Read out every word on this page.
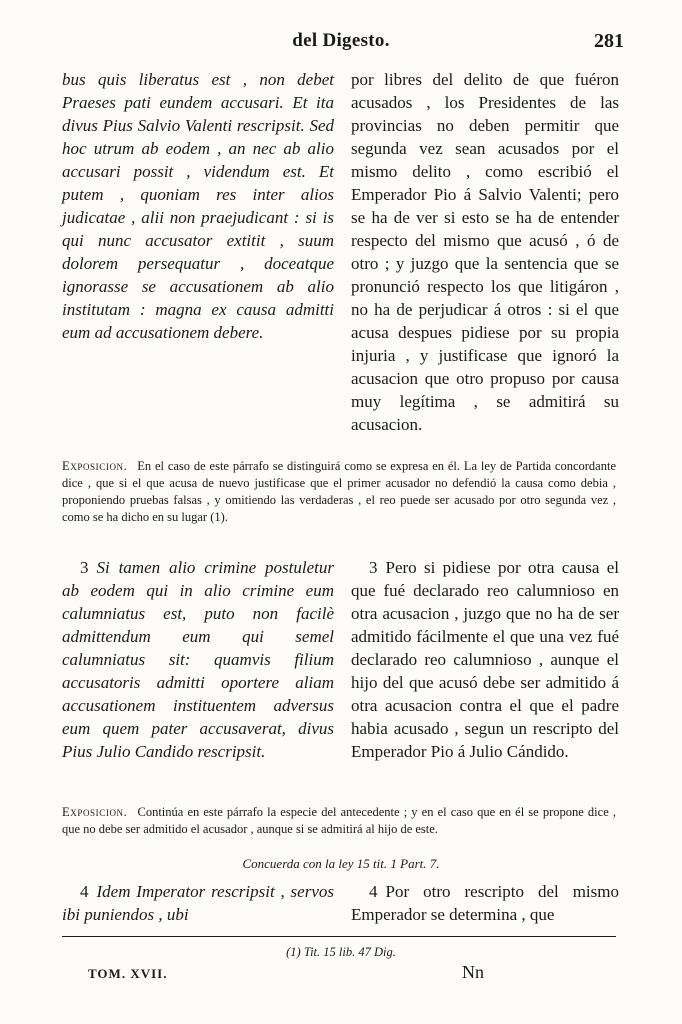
del Digesto.	281

bus quis liberatus est , non debet Praeses pati eundem accusari. Et ita divus Pius Salvio Valenti rescripsit. Sed hoc utrum ab eodem , an nec ab alio accusari possit , videndum est. Et putem , quoniam res inter alios judicatae , alii non praejudicant : si is qui nunc accusator extitit , suum dolorem persequatur , doceatque ignorasse se accusationem ab alio institutam : magna ex causa admitti eum ad accusationem debere.

por libres del delito de que fuéron acusados , los Presidentes de las provincias no deben permitir que segunda vez sean acusados por el mismo delito , como escribió el Emperador Pio á Salvio Valenti; pero se ha de ver si esto se ha de entender respecto del mismo que acusó , ó de otro ; y juzgo que la sentencia que se pronunció respecto los que litigáron , no ha de perjudicar á otros : si el que acusa despues pidiese por su propia injuria , y justificase que ignoró la acusacion que otro propuso por causa muy legítima , se admitirá su acusacion.

Exposicion. En el caso de este párrafo se distinguirá como se expresa en él. La ley de Partida concordante dice , que si el que acusa de nuevo justificase que el primer acusador no defendió la causa como debia , proponiendo pruebas falsas , y omitiendo las verdaderas , el reo puede ser acusado por otro segunda vez , como se ha dicho en su lugar (1).

3 Si tamen alio crimine postuletur ab eodem qui in alio crimine eum calumniatus est, puto non facilè admittendum eum qui semel calumniatus sit: quamvis filium accusatoris admitti oportere aliam accusationem instituentem adversus eum quem pater accusaverat, divus Pius Julio Candido rescripsit.

3 Pero si pidiese por otra causa el que fué declarado reo calumnioso en otra acusacion , juzgo que no ha de ser admitido fácilmente el que una vez fué declarado reo calumnioso , aunque el hijo del que acusó debe ser admitido á otra acusacion contra el que el padre habia acusado , segun un rescripto del Emperador Pio á Julio Cándido.

Exposicion. Continúa en este párrafo la especie del antecedente ; y en el caso que en él se propone dice , que no debe ser admitido el acusador , aunque si se admitirá al hijo de este.
Concuerda con la ley 15 tit. 1 Part. 7.

4 Idem Imperator rescripsit , servos ibi puniendos , ubi

4 Por otro rescripto del mismo Emperador se determina , que

(1) Tit. 15 lib. 47 Dig.
TOM. XVII.	Nn
